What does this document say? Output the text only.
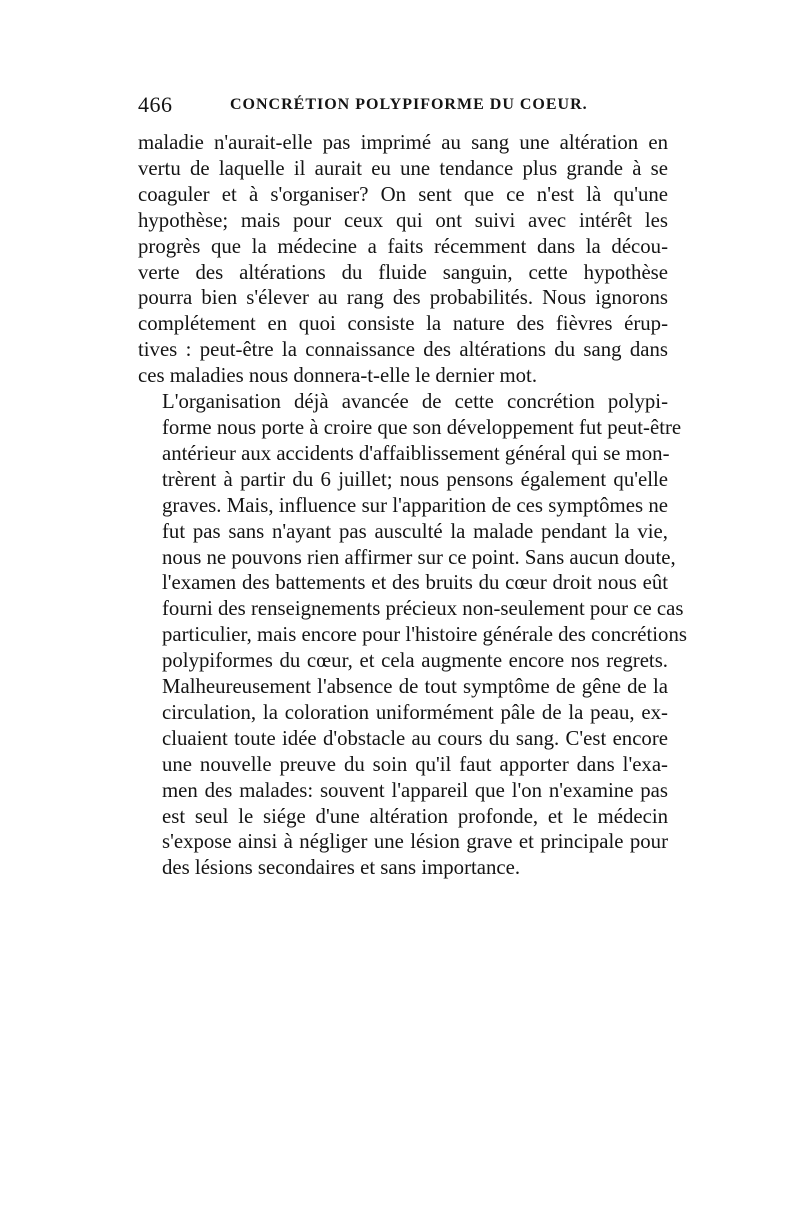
466	CONCRÉTION POLYPIFORME DU COEUR.

maladie n'aurait-elle pas imprimé au sang une altération en
vertu de laquelle il aurait eu une tendance plus grande à se
coaguler et à s'organiser? On sent que ce n'est là qu'une
hypothèse; mais pour ceux qui ont suivi avec intérêt les
progrès que la médecine a faits récemment dans la décou-
verte des altérations du fluide sanguin, cette hypothèse
pourra bien s'élever au rang des probabilités. Nous ignorons
complétement en quoi consiste la nature des fièvres érup-
tives : peut-être la connaissance des altérations du sang dans
ces maladies nous donnera-t-elle le dernier mot.

L'organisation déjà avancée de cette concrétion polypi-
forme nous porte à croire que son développement fut peut-être
antérieur aux accidents d'affaiblissement général qui se mon-
trèrent à partir du 6 juillet; nous pensons également qu'elle
graves. Mais, influence sur l'apparition de ces symptômes ne
fut pas sans n'ayant pas ausculté la malade pendant la vie,
nous ne pouvons rien affirmer sur ce point. Sans aucun doute,
l'examen des battements et des bruits du cœur droit nous eût
fourni des renseignements précieux non-seulement pour ce cas
particulier, mais encore pour l'histoire générale des concrétions
polypiformes du cœur, et cela augmente encore nos regrets.
Malheureusement l'absence de tout symptôme de gêne de la
circulation, la coloration uniformément pâle de la peau, ex-
cluaient toute idée d'obstacle au cours du sang. C'est encore
une nouvelle preuve du soin qu'il faut apporter dans l'exa-
men des malades: souvent l'appareil que l'on n'examine pas
est seul le siége d'une altération profonde, et le médecin
s'expose ainsi à négliger une lésion grave et principale pour
des lésions secondaires et sans importance.
